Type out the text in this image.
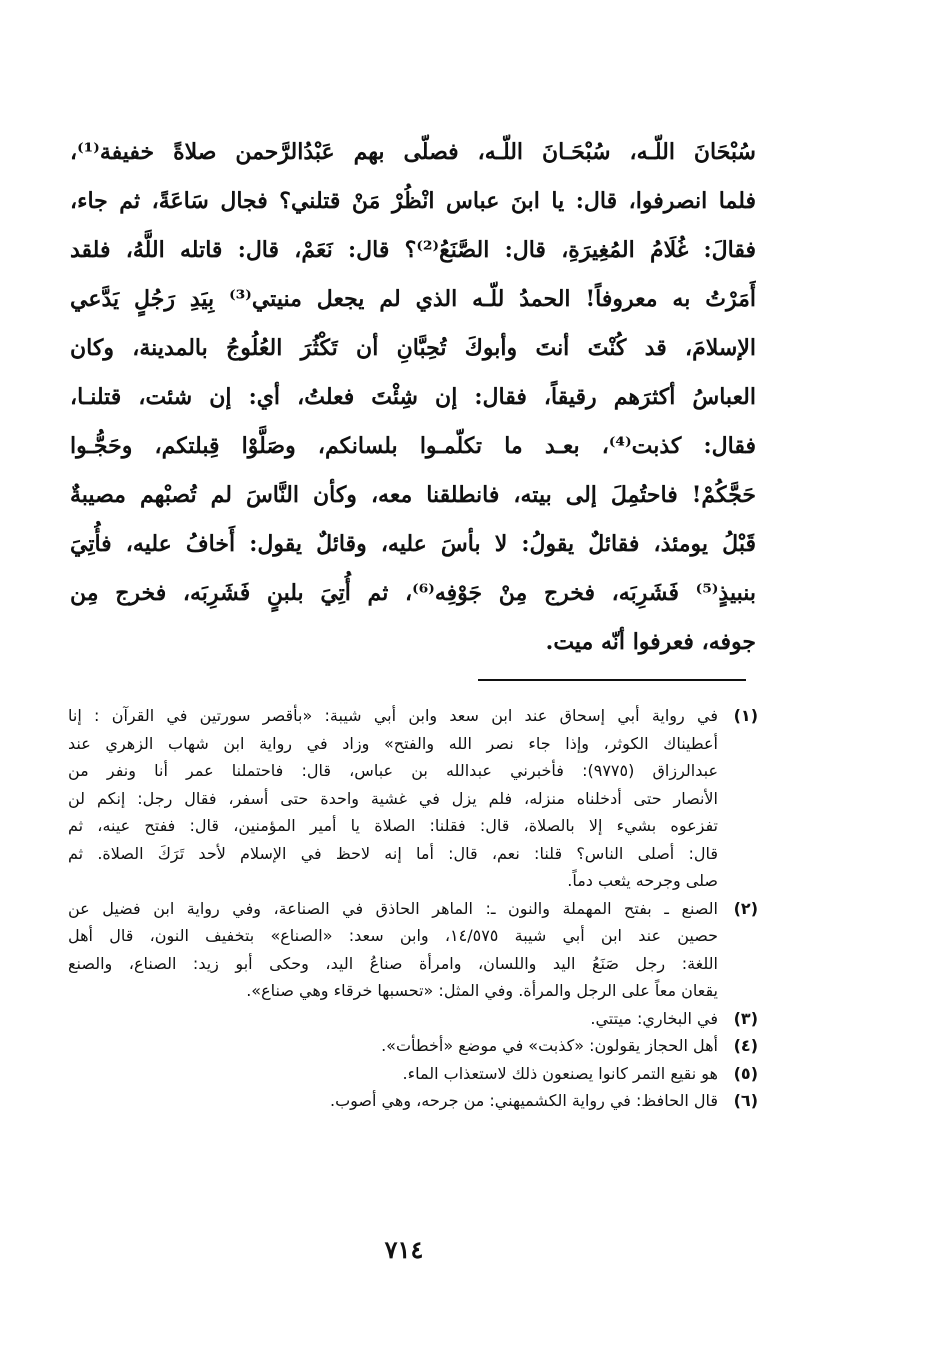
سُبْحَانَ اللّـه، سُبْحَـانَ اللّـه، فصلّى بهم عَبْدُالرَّحمن صلاةً خفيفة⁽¹⁾،
فلما انصرفوا، قال: يا ابنَ عباس انْظُرْ مَنْ قتلني؟ فجال سَاعَةً، ثم جاء،
فقالَ: غُلَامُ المُغِيرَةِ، قال: الصَّنَعُ⁽²⁾؟ قال: نَعَمْ، قال: قاتله اللَّهُ، فلقد
أَمَرْتُ به معروفاً! الحمدُ للّـه الذي لم يجعل منيتي⁽³⁾ بِيَدِ رَجُلٍ يَدَّعي
الإسلامَ، قد كُنْتَ أنتَ وأبوكَ تُحِبَّانِ أن تَكْثُرَ العُلُوجُ بالمدينة، وكان
العباسُ أكثرَهم رقيقاً، فقال: إن شِئْتَ فعلتُ، أي: إن شئت، قتلنـا،
فقال: كذبت⁽⁴⁾، بعـد ما تكلّمـوا بلسانكم، وصَلَّوْا قِبلتكم، وحَجُّـوا
حَجَّكُمْ! فاحتُمِلَ إلى بيته، فانطلقنا معه، وكأن النَّاسَ لم تُصبْهم مصيبةٌ
قَبْلُ يومئذ، فقائلٌ يقولُ: لا بأسَ عليه، وقائلٌ يقول: أَخافُ عليه، فأُتِيَ
بنبيذٍ⁽⁵⁾ فَشَرِبَه، فخرج مِنْ جَوْفِه⁽⁶⁾، ثم أُتِيَ بلبنٍ فَشَرِبَه، فخرج مِن
جوفه، فعرفوا أنّه ميت.
(١)
في رواية أبي إسحاق عند ابن سعد وابن أبي شيبة: «بأقصر سورتين في القرآن : إنا
أعطيناك الكوثر، وإذا جاء نصر الله والفتح» وزاد في رواية ابن شهاب الزهري عند
عبدالرزاق (٩٧٧٥): فأخبرني عبدالله بن عباس، قال: فاحتملنا عمر أنا ونفر من
الأنصار حتى أدخلناه منزله، فلم يزل في غشية واحدة حتى أسفر، فقال رجل: إنكم لن
تفزعوه بشيء إلا بالصلاة، قال: فقلنا: الصلاة يا أمير المؤمنين، قال: ففتح عينه، ثم
قال: أصلى الناس؟ قلنا: نعم، قال: أما إنه لاحظ في الإسلام لأحد تَرَكَ الصلاة. ثم
صلى وجرحه يثعب دماً.
(٢)
الصنع ـ بفتح المهملة والنون ـ: الماهر الحاذق في الصناعة، وفي رواية ابن فضيل عن
حصين عند ابن أبي شيبة ١٤/٥٧٥، وابن سعد: «الصناع» بتخفيف النون، قال أهل
اللغة: رجل صَنَعُ اليد واللسان، وامرأة صناعُ اليد، وحكى أبو زيد: الصناع، والصنع
يقعان معاً على الرجل والمرأة. وفي المثل: «تحسبها خرقاء وهي صناع».
(٣)
في البخاري: ميتتي.
(٤)
أهل الحجاز يقولون: «كذبت» في موضع «أخطأت».
(٥)
هو نقيع التمر كانوا يصنعون ذلك لاستعذاب الماء.
(٦)
قال الحافظ: في رواية الكشميهني: من جرحه، وهي أصوب.
٧١٤
